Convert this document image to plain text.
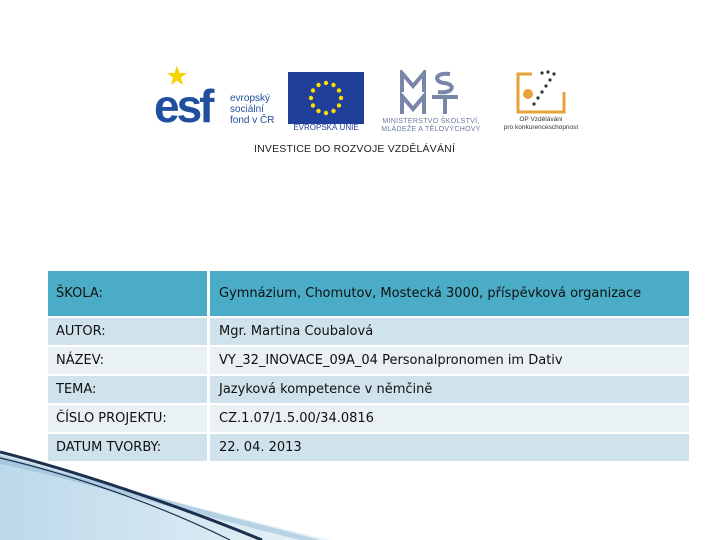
esf evropský
sociální
fond v ČR
EVROPSKÁ UNIE
MINISTERSTVO ŠKOLSTVÍ,
MLÁDEŽE A TĚLOVÝCHOVY
OP Vzdělávání
pro konkurenceschopnost
INVESTICE DO ROZVOJE VZDĚLÁVÁNÍ
ŠKOLA:	Gymnázium, Chomutov, Mostecká 3000, příspěvková organizace
AUTOR:	Mgr. Martina Coubalová
NÁZEV:	VY_32_INOVACE_09A_04 Personalpronomen im Dativ
TEMA:	Jazyková kompetence v němčině
ČÍSLO PROJEKTU:	CZ.1.07/1.5.00/34.0816
DATUM TVORBY:	22. 04. 2013
